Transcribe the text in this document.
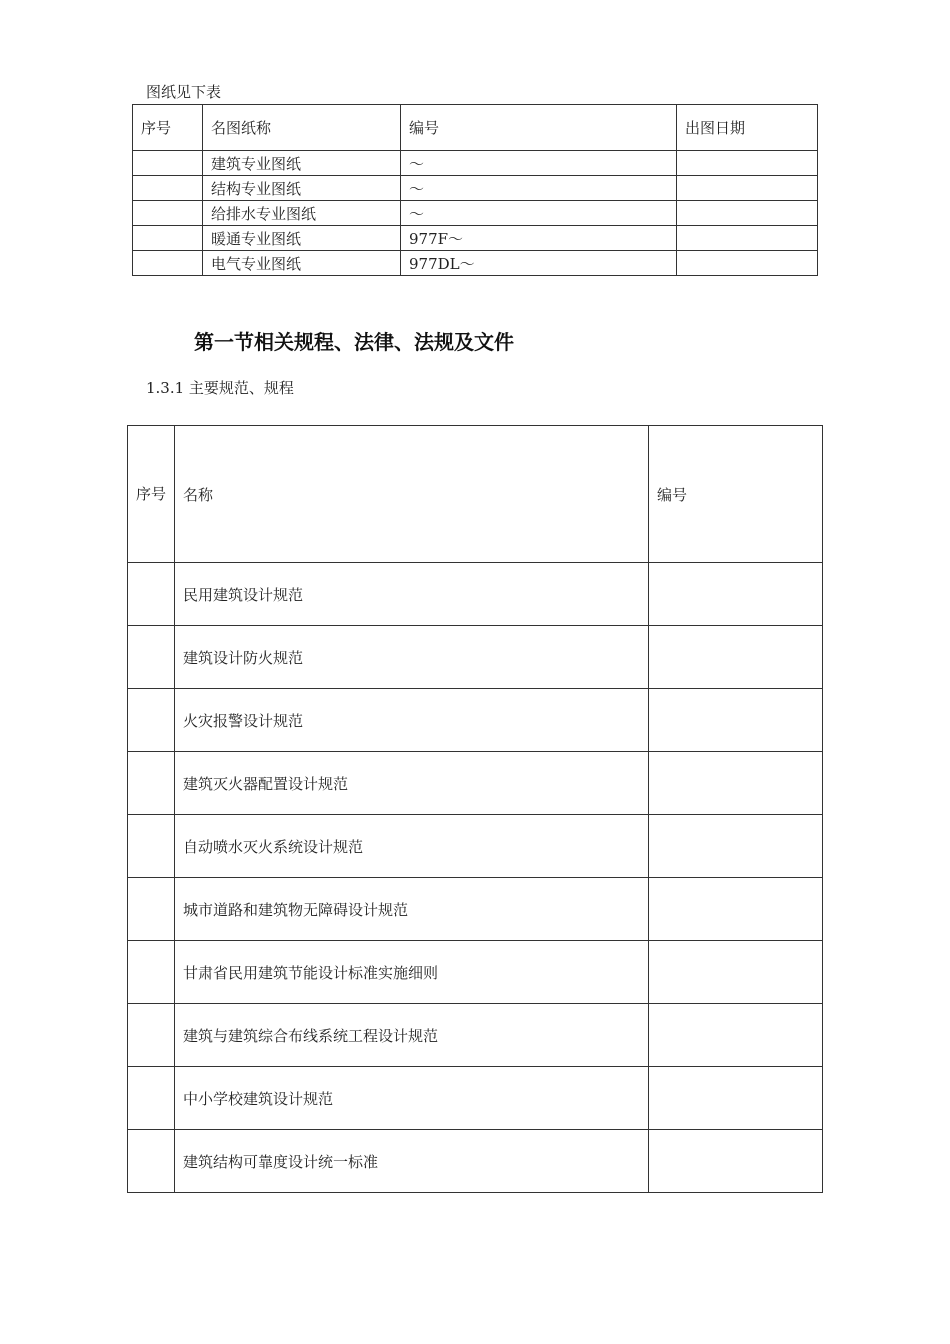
图纸见下表
序号	名图纸称	编号	出图日期
	建筑专业图纸	～	
	结构专业图纸	～	
	给排水专业图纸	～	
	暖通专业图纸	977F～	
	电气专业图纸	977DL～	
第一节相关规程、法律、法规及文件
1.3.1 主要规范、规程
序号	名称	编号
	民用建筑设计规范	
	建筑设计防火规范	
	火灾报警设计规范	
	建筑灭火器配置设计规范	
	自动喷水灭火系统设计规范	
	城市道路和建筑物无障碍设计规范	
	甘肃省民用建筑节能设计标准实施细则	
	建筑与建筑综合布线系统工程设计规范	
	中小学校建筑设计规范	
	建筑结构可靠度设计统一标准	
